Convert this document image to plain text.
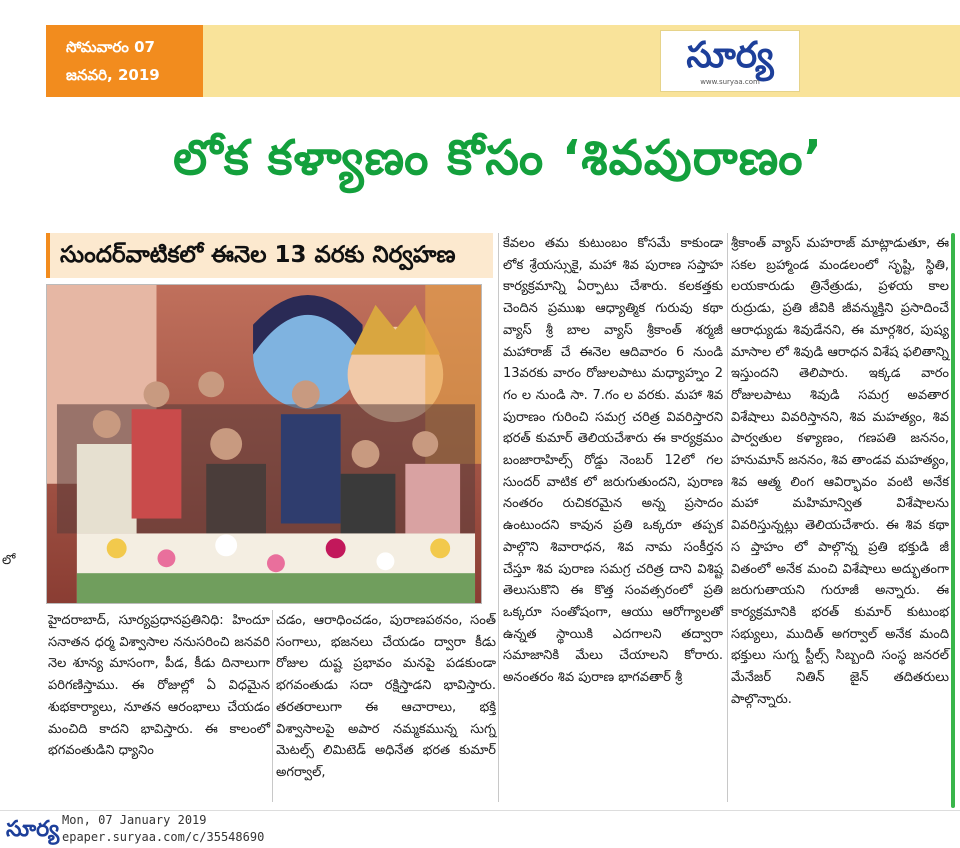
లో
సోమవారం 07
జనవరి, 2019	సూర్య
www.suryaa.com
లోక కళ్యాణం కోసం ‘శివపురాణం’
సుందర్‌వాటికలో ఈనెల 13 వరకు నిర్వహణ

హైదరాబాద్‌, సూర్యప్రధానప్రతినిధి: హిందూ సనాతన ధర్మ విశ్వాసాల ననుసరించి జనవరి నెల శూన్య మాసంగా, పీడ, కీడు దినాలుగా పరిగణిస్తాము. ఈ రోజుల్లో ఏ విధమైన శుభకార్యాలు, నూతన ఆరంభాలు చేయడం మంచిది కాదని భావిస్తారు. ఈ కాలంలో భగవంతుడిని ధ్యానిం

చడం, ఆరాధించడం, పురాణపఠనం, సంత్‌ సంగాలు, భజనలు చేయడం ద్వారా కీడు రోజుల దుష్ట ప్రభావం మనపై పడకుండా భగవంతుడు సదా రక్షిస్తాడని భావిస్తారు. తరతరాలుగా ఈ ఆచారాలు, భక్తి విశ్వాసాలపై అపార నమ్మకమున్న సుగ్న మెటల్స్‌ లిమిటెడ్‌ అధినేత భరత కుమార్‌ అగర్వాల్‌,

కేవలం తమ కుటుంబం కోసమే కాకుండా లోక శ్రేయస్సుకై, మహా శివ పురాణ సప్తాహ కార్యక్రమాన్ని ఏర్పాటు చేశారు. కలకత్తకు చెందిన ప్రముఖ ఆధ్యాత్మిక గురువు కథా వ్యాస్‌ శ్రీ బాల వ్యాస్‌ శ్రీకాంత్‌ శర్మజీ మహారాజ్‌ చే ఈనెల ఆదివారం 6 నుండి 13వరకు వారం రోజులపాటు మధ్యాహ్నం 2 గం ల నుండి సా. 7.గం ల వరకు. మహా శివ పురాణం గురించి సమగ్ర చరిత్ర వివరిస్తారని భరత్‌ కుమార్‌ తెలియచేశారు ఈ కార్యక్రమం బంజారాహిల్స్‌ రోడ్డు నెంబర్‌ 12లో గల సుందర్‌ వాటిక లో జరుగుతుందని, పురాణ నంతరం రుచికరమైన అన్న ప్రసాదం ఉంటుందని కావున ప్రతి ఒక్కరూ తప్పక పాల్గొని శివారాధన, శివ నామ సంకీర్తన చేస్తూ శివ పురాణ సమగ్ర చరిత్ర దాని విశిష్ట తెలుసుకొని ఈ కొత్త సంవత్సరంలో ప్రతి ఒక్కరూ సంతోషంగా, ఆయు ఆరోగ్యాలతో ఉన్నత స్థాయికి ఎదగాలని తద్వారా సమాజానికి మేలు చేయాలని కోరారు. అనంతరం శివ పురాణ భాగవతార్‌ శ్రీ

శ్రీకాంత్‌ వ్యాస్‌ మహరాజ్‌ మాట్లాడుతూ, ఈ సకల బ్రహ్మాండ మండలంలో సృష్టి, స్థితి, లయకారుడు త్రినేత్రుడు, ప్రళయ కాల రుద్రుడు, ప్రతి జీవికి జీవన్ముక్తిని ప్రసాదించే ఆరాధ్యుడు శివుడేనని, ఈ మార్గశిర, పుష్య మాసాల లో శివుడి ఆరాధన విశేష ఫలితాన్ని ఇస్తుందని తెలిపారు. ఇక్కడ వారం రోజులపాటు శివుడి సమగ్ర అవతార విశేషాలు వివరిస్తానని, శివ మహత్యం, శివ పార్వతుల కళ్యాణం, గణపతి జననం, హనుమాన్‌ జననం, శివ తాండవ మహత్యం, శివ ఆత్మ లింగ ఆవిర్భావం వంటి అనేక మహా మహిమాన్విత విశేషాలను వివరిస్తున్నట్లు తెలియచేశారు. ఈ శివ కథా స ప్తాహం లో పాల్గొన్న ప్రతి భక్తుడి జీ వితంలో అనేక మంచి విశేషాలు అద్భుతంగా జరుగుతాయని గురూజీ అన్నారు. ఈ కార్యక్రమానికి భరత్‌ కుమార్‌ కుటుంభ సభ్యులు, ముదిత్‌ అగర్వాల్‌ అనేక మంది భక్తులు సుగ్న స్టీల్స్‌ సిబ్బంది సంస్థ జనరల్‌ మేనేజర్‌ నితిన్‌ జైన్‌ తదితరులు పాల్గొన్నారు.

సూర్య Mon, 07 January 2019
epaper.suryaa.com/c/35548690
